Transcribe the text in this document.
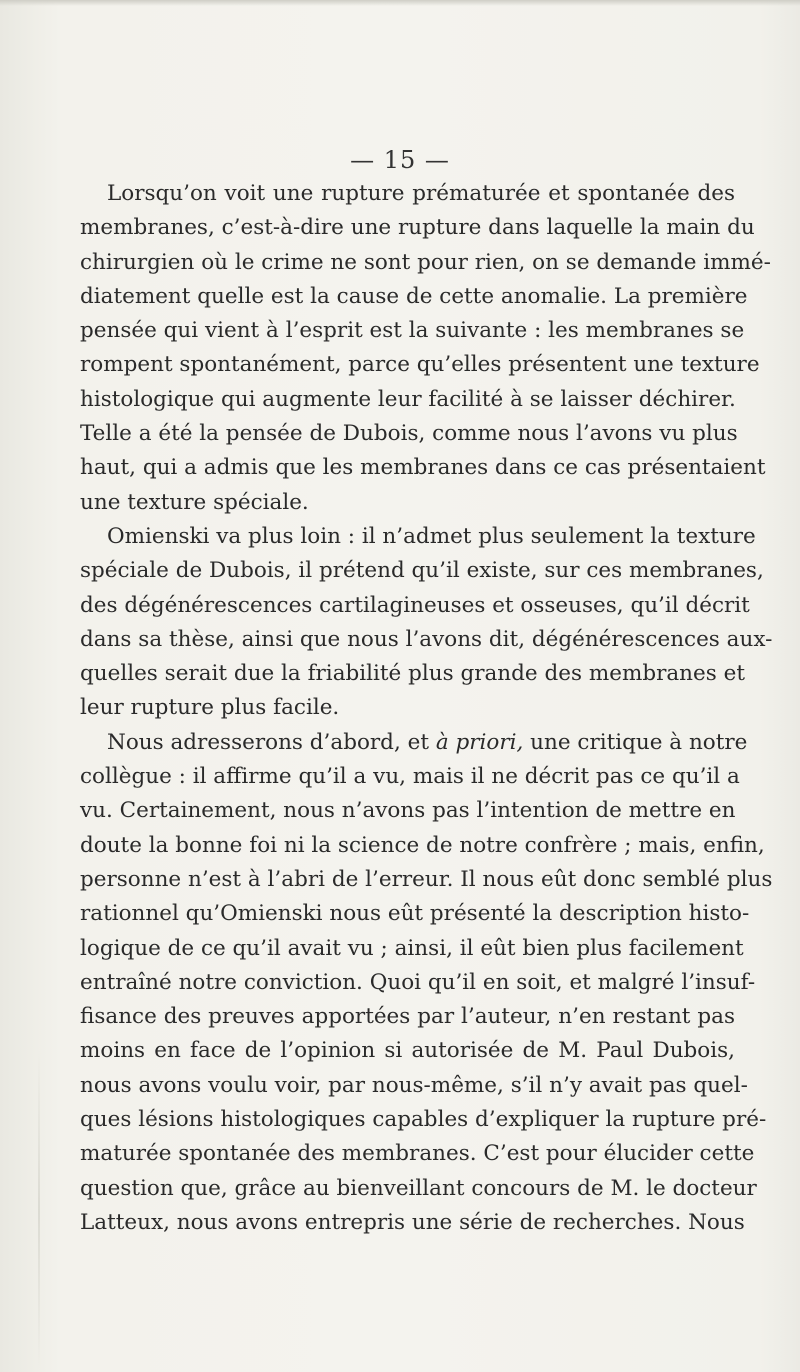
— 15 —
Lorsqu’on voit une rupture prématurée et spontanée des
membranes, c’est-à-dire une rupture dans laquelle la main du
chirurgien où le crime ne sont pour rien, on se demande immé-
diatement quelle est la cause de cette anomalie. La première
pensée qui vient à l’esprit est la suivante : les membranes se
rompent spontanément, parce qu’elles présentent une texture
histologique qui augmente leur facilité à se laisser déchirer.
Telle a été la pensée de Dubois, comme nous l’avons vu plus
haut, qui a admis que les membranes dans ce cas présentaient
une texture spéciale.
Omienski va plus loin : il n’admet plus seulement la texture
spéciale de Dubois, il prétend qu’il existe, sur ces membranes,
des dégénérescences cartilagineuses et osseuses, qu’il décrit
dans sa thèse, ainsi que nous l’avons dit, dégénérescences aux-
quelles serait due la friabilité plus grande des membranes et
leur rupture plus facile.
Nous adresserons d’abord, et à priori, une critique à notre
collègue : il affirme qu’il a vu, mais il ne décrit pas ce qu’il a
vu. Certainement, nous n’avons pas l’intention de mettre en
doute la bonne foi ni la science de notre confrère ; mais, enfin,
personne n’est à l’abri de l’erreur. Il nous eût donc semblé plus
rationnel qu’Omienski nous eût présenté la description histo-
logique de ce qu’il avait vu ; ainsi, il eût bien plus facilement
entraîné notre conviction. Quoi qu’il en soit, et malgré l’insuf-
fisance des preuves apportées par l’auteur, n’en restant pas
moins en face de l’opinion si autorisée de M. Paul Dubois,
nous avons voulu voir, par nous-même, s’il n’y avait pas quel-
ques lésions histologiques capables d’expliquer la rupture pré-
maturée spontanée des membranes. C’est pour élucider cette
question que, grâce au bienveillant concours de M. le docteur
Latteux, nous avons entrepris une série de recherches. Nous
